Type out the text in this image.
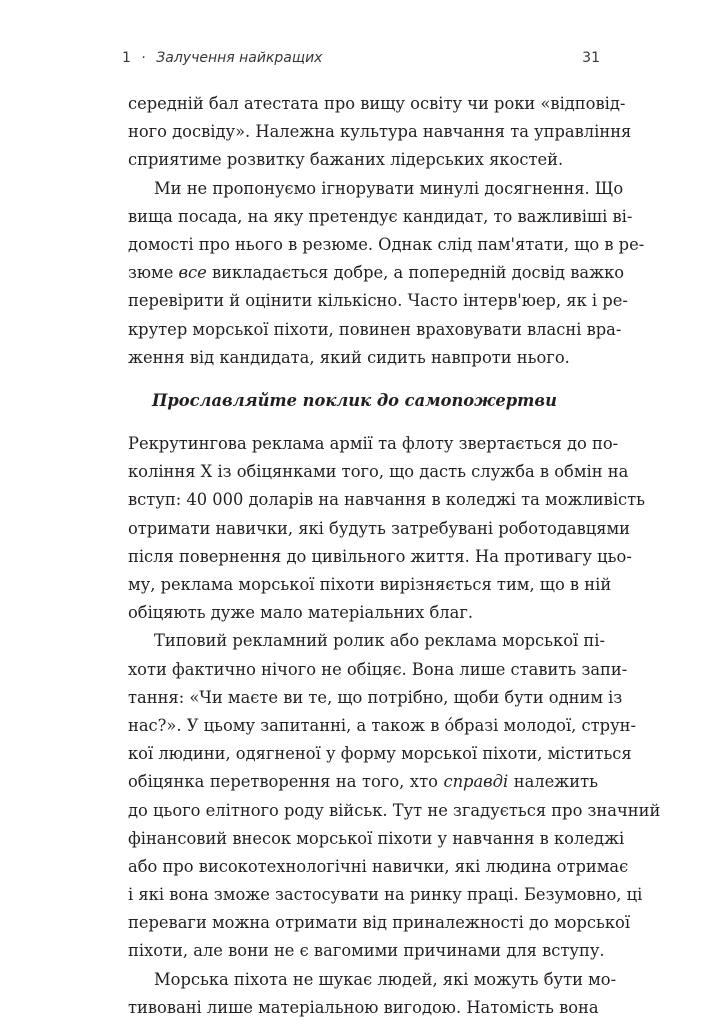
1 · Залучення найкращих	31
середній бал атестата про вищу освіту чи роки «відповід-
ного досвіду». Належна культура навчання та управління
сприятиме розвитку бажаних лідерських якостей.
Ми не пропонуємо ігнорувати минулі досягнення. Що
вища посада, на яку претендує кандидат, то важливіші ві-
домості про нього в резюме. Однак слід пам'ятати, що в ре-
зюме все викладається добре, а попередній досвід важко
перевірити й оцінити кількісно. Часто інтерв'юер, як і ре-
крутер морської піхоти, повинен враховувати власні вра-
ження від кандидата, який сидить навпроти нього.
Прославляйте поклик до самопожертви
Рекрутингова реклама армії та флоту звертається до по-
коління X із обіцянками того, що дасть служба в обмін на
вступ: 40 000 доларів на навчання в коледжі та можливість
отримати навички, які будуть затребувані роботодавцями
після повернення до цивільного життя. На противагу цьо-
му, реклама морської піхоти вирізняється тим, що в ній
обіцяють дуже мало матеріальних благ.
Типовий рекламний ролик або реклама морської пі-
хоти фактично нічого не обіцяє. Вона лише ставить запи-
тання: «Чи маєте ви те, що потрібно, щоби бути одним із
нас?». У цьому запитанні, а також в óбразі молодої, струн-
кої людини, одягненої у форму морської піхоти, міститься
обіцянка перетворення на того, хто справді належить
до цього елітного роду військ. Тут не згадується про значний
фінансовий внесок морської піхоти у навчання в коледжі
або про високотехнологічні навички, які людина отримає
і які вона зможе застосувати на ринку праці. Безумовно, ці
переваги можна отримати від приналежності до морської
піхоти, але вони не є вагомими причинами для вступу.
Морська піхота не шукає людей, які можуть бути мо-
тивовані лише матеріальною вигодою. Натомість вона
